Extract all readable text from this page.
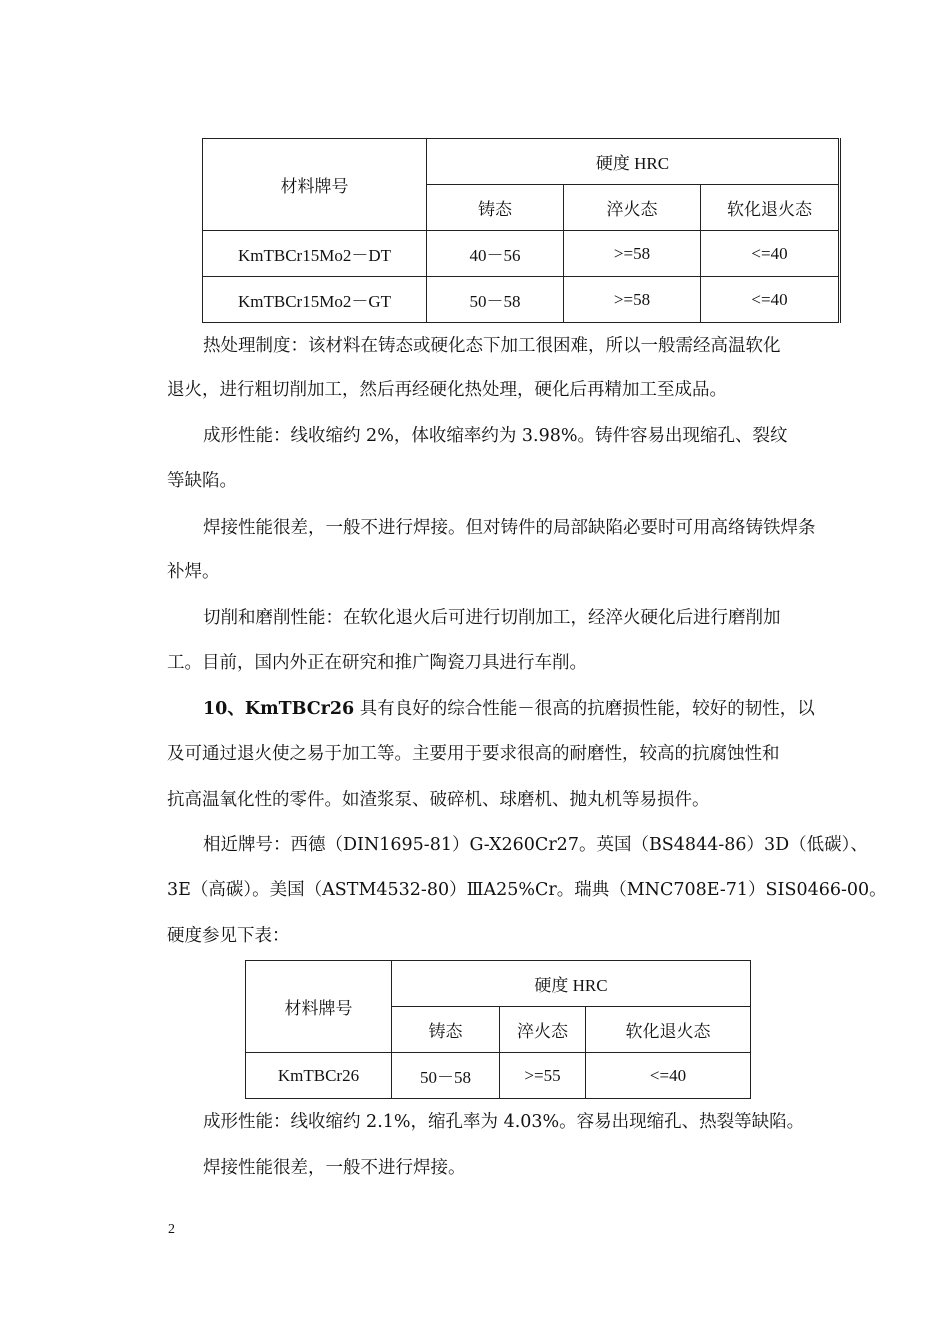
材料牌号	硬度 HRC		
	铸态	淬火态	软化退火态
KmTBCr15Mo2－DT	40－56	>=58	<=40
KmTBCr15Mo2－GT	50－58	>=58	<=40

热处理制度：该材料在铸态或硬化态下加工很困难，所以一般需经高温软化

退火，进行粗切削加工，然后再经硬化热处理，硬化后再精加工至成品。

成形性能：线收缩约 2%，体收缩率约为 3.98%。铸件容易出现缩孔、裂纹

等缺陷。

焊接性能很差，一般不进行焊接。但对铸件的局部缺陷必要时可用高络铸铁焊条

补焊。

切削和磨削性能：在软化退火后可进行切削加工，经淬火硬化后进行磨削加

工。目前，国内外正在研究和推广陶瓷刀具进行车削。

10、KmTBCr26 具有良好的综合性能－很高的抗磨损性能，较好的韧性，以

及可通过退火使之易于加工等。主要用于要求很高的耐磨性，较高的抗腐蚀性和

抗高温氧化性的零件。如渣浆泵、破碎机、球磨机、抛丸机等易损件。

相近牌号：西德（DIN1695-81）G-X260Cr27。英国（BS4844-86）3D（低碳）、

3E（高碳）。美国（ASTM4532-80）ⅢA25%Cr。瑞典（MNC708E-71）SIS0466-00。

硬度参见下表：

材料牌号	硬度 HRC		
	铸态	淬火态	软化退火态
KmTBCr26	50－58	>=55	<=40

成形性能：线收缩约 2.1%，缩孔率为 4.03%。容易出现缩孔、热裂等缺陷。

焊接性能很差，一般不进行焊接。

2
